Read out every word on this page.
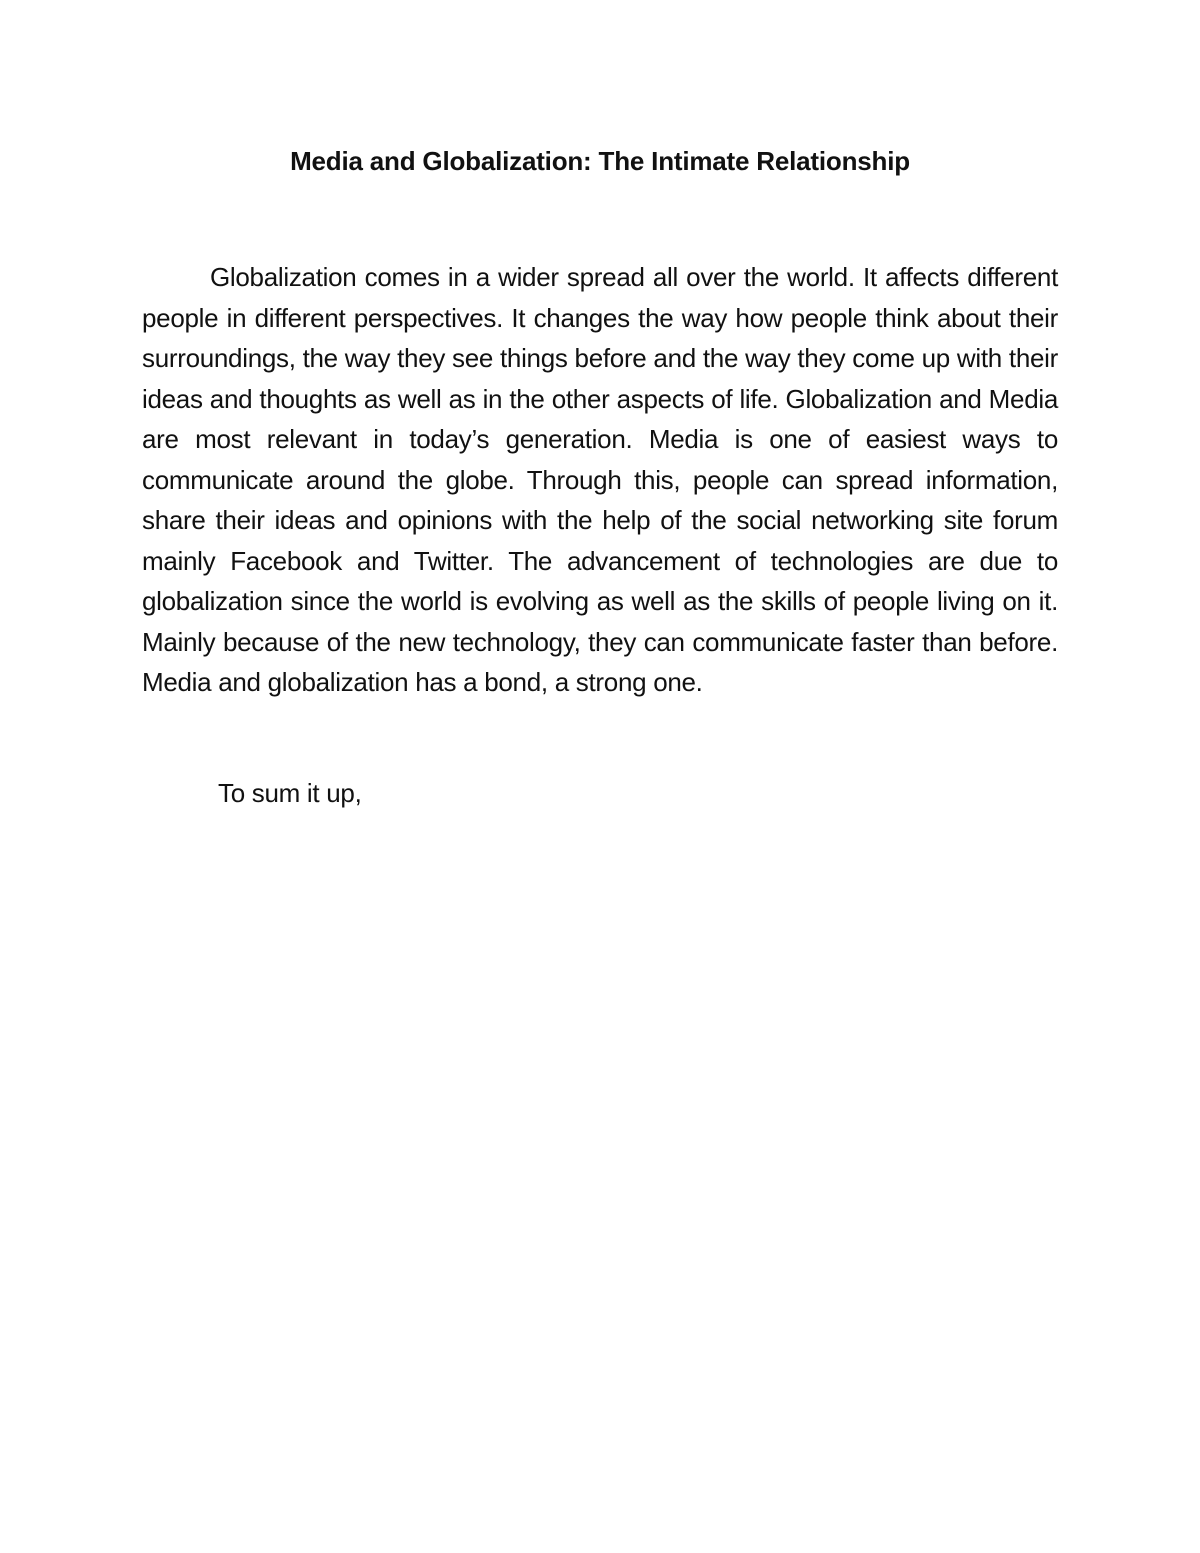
Media and Globalization: The Intimate Relationship

Globalization comes in a wider spread all over the world. It affects different people in different perspectives. It changes the way how people think about their surroundings, the way they see things before and the way they come up with their ideas and thoughts as well as in the other aspects of life. Globalization and Media are most relevant in today’s generation. Media is one of easiest ways to communicate around the globe. Through this, people can spread information, share their ideas and opinions with the help of the social networking site forum mainly Facebook and Twitter. The advancement of technologies are due to globalization since the world is evolving as well as the skills of people living on it. Mainly because of the new technology, they can communicate faster than before. Media and globalization has a bond, a strong one.

To sum it up,
